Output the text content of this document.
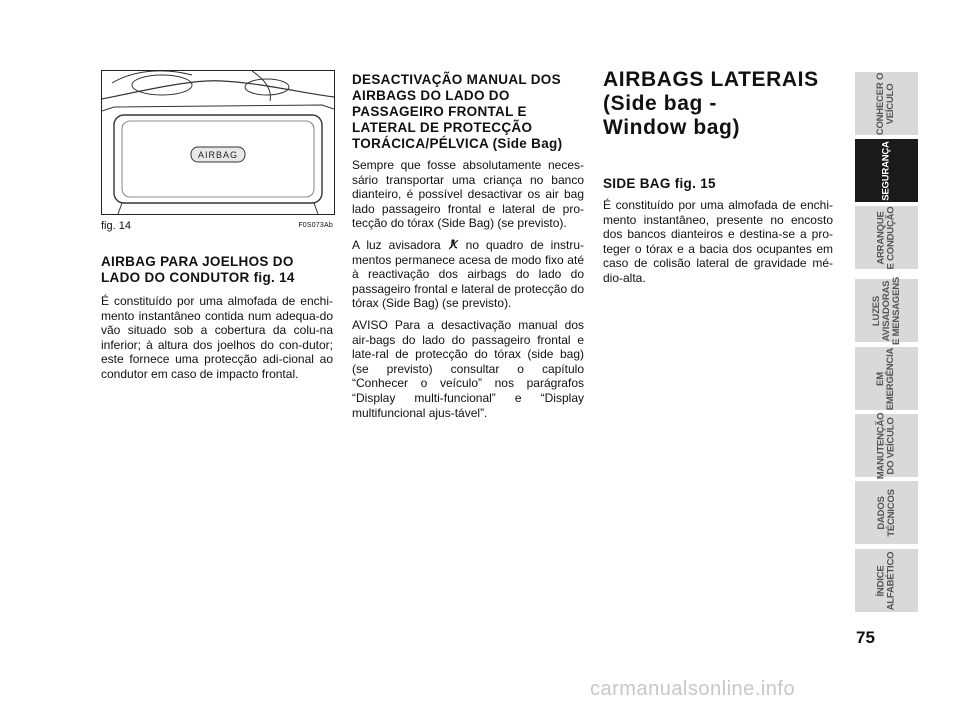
AIRBAG
fig. 14	F0S073Ab
AIRBAG PARA JOELHOS DO LADO DO CONDUTOR fig. 14

É constituído por uma almofada de enchi-mento instantâneo contida num adequa-do vão situado sob a cobertura da colu-na inferior; à altura dos joelhos do con-dutor; este fornece uma protecção adi-cional ao condutor em caso de impacto frontal.

DESACTIVAÇÃO MANUAL DOS AIRBAGS DO LADO DO PASSAGEIRO FRONTAL E LATERAL DE PROTECÇÃO TORÁCICA/PÉLVICA (Side Bag)

Sempre que fosse absolutamente neces-sário transportar uma criança no banco dianteiro, é possível desactivar os air bag lado passageiro frontal e lateral de pro-tecção do tórax (Side Bag) (se previsto).

A luz avisadora  no quadro de instru-mentos permanece acesa de modo fixo até à reactivação dos airbags do lado do passageiro frontal e lateral de protecção do tórax (Side Bag) (se previsto).

AVISO Para a desactivação manual dos air-bags do lado do passageiro frontal e late-ral de protecção do tórax (side bag) (se previsto) consultar o capítulo “Conhecer o veículo” nos parágrafos “Display multi-funcional” e “Display multifuncional ajus-tável”.

AIRBAGS LATERAIS
(Side bag -
Window bag)
SIDE BAG fig. 15

É constituído por uma almofada de enchi-mento instantâneo, presente no encosto dos bancos dianteiros e destina-se a pro-teger o tórax e a bacia dos ocupantes em caso de colisão lateral de gravidade mé-dio-alta.

CONHECER O
VEÍCULO
SEGURANÇA
ARRANQUE
E CONDUÇÃO
LUZES
AVISADORAS
E MENSAGENS
EM
EMERGÊNCIA
MANUTENÇÃO
DO VEÍCULO
DADOS
TÉCNICOS
ÍNDICE
ALFABÉTICO
75
carmanualsonline.info
